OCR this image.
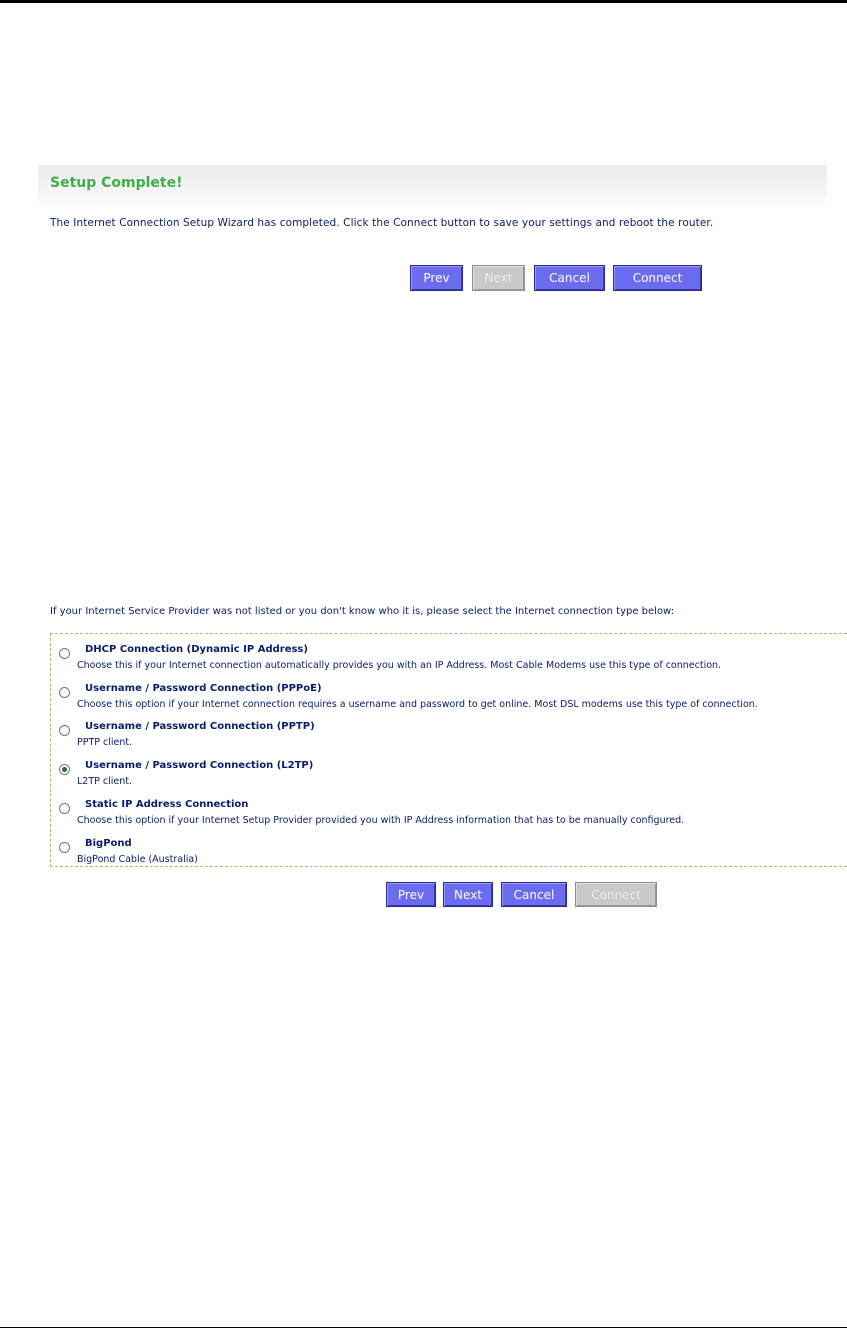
Setup Complete!
The Internet Connection Setup Wizard has completed. Click the Connect button to save your settings and reboot the router.
Prev	Next	Cancel	Connect
If your Internet Service Provider was not listed or you don't know who it is, please select the Internet connection type below:
DHCP Connection (Dynamic IP Address)
Choose this if your Internet connection automatically provides you with an IP Address. Most Cable Modems use this type of connection.
Username / Password Connection (PPPoE)
Choose this option if your Internet connection requires a username and password to get online. Most DSL modems use this type of connection.
Username / Password Connection (PPTP)
PPTP client.
Username / Password Connection (L2TP)
L2TP client.
Static IP Address Connection
Choose this option if your Internet Setup Provider provided you with IP Address information that has to be manually configured.
BigPond
BigPond Cable (Australia)
Prev	Next	Cancel	Connect
